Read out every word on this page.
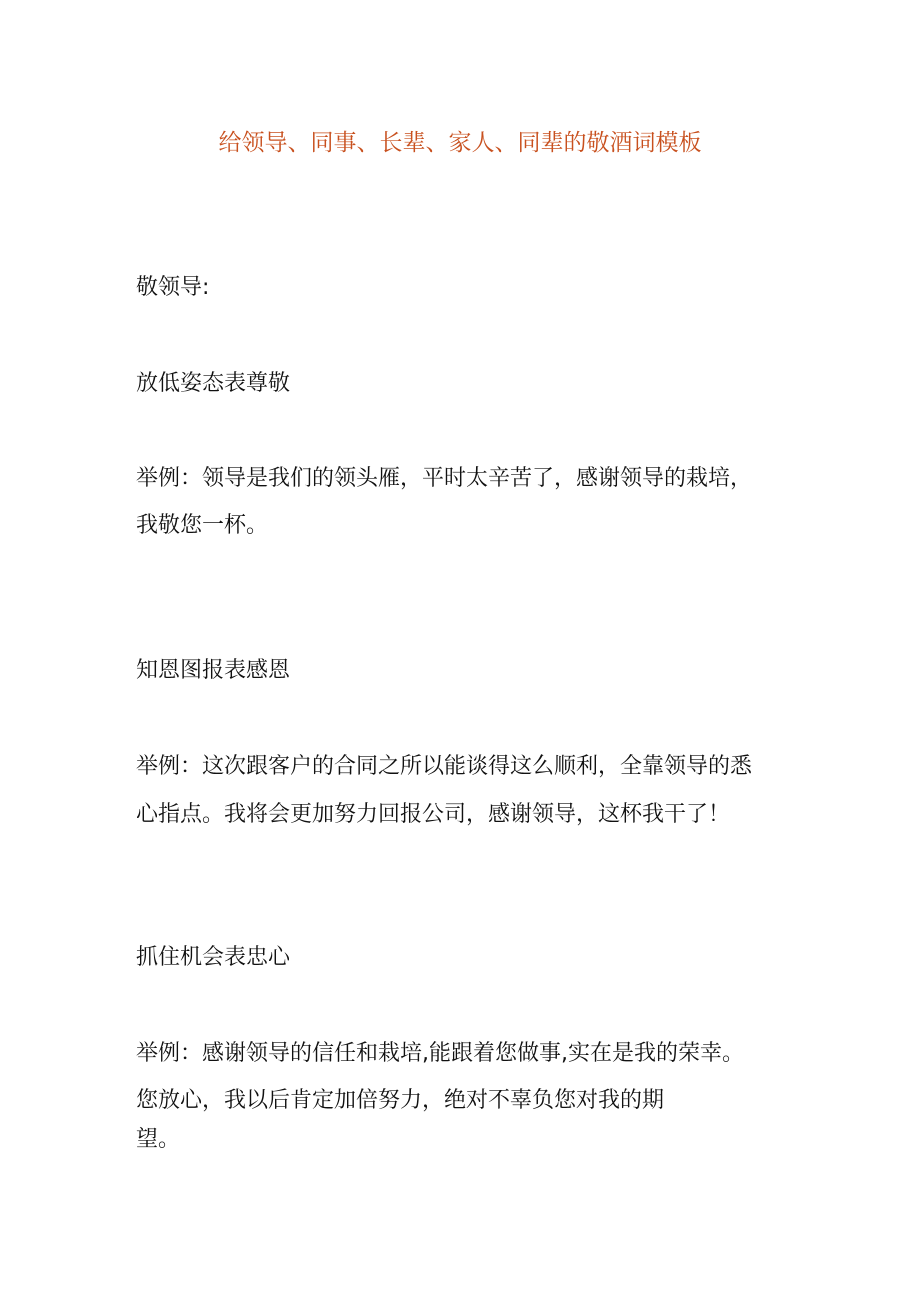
给领导、同事、长辈、家人、同辈的敬酒词模板
敬领导:
放低姿态表尊敬
举例：领导是我们的领头雁，平时太辛苦了，感谢领导的栽培，
我敬您一杯。
知恩图报表感恩
举例：这次跟客户的合同之所以能谈得这么顺利，全靠领导的悉
心指点。我将会更加努力回报公司，感谢领导，这杯我干了！
抓住机会表忠心
举例：感谢领导的信任和栽培,能跟着您做事,实在是我的荣幸。
您放心，我以后肯定加倍努力，绝对不辜负您对我的期
望。
